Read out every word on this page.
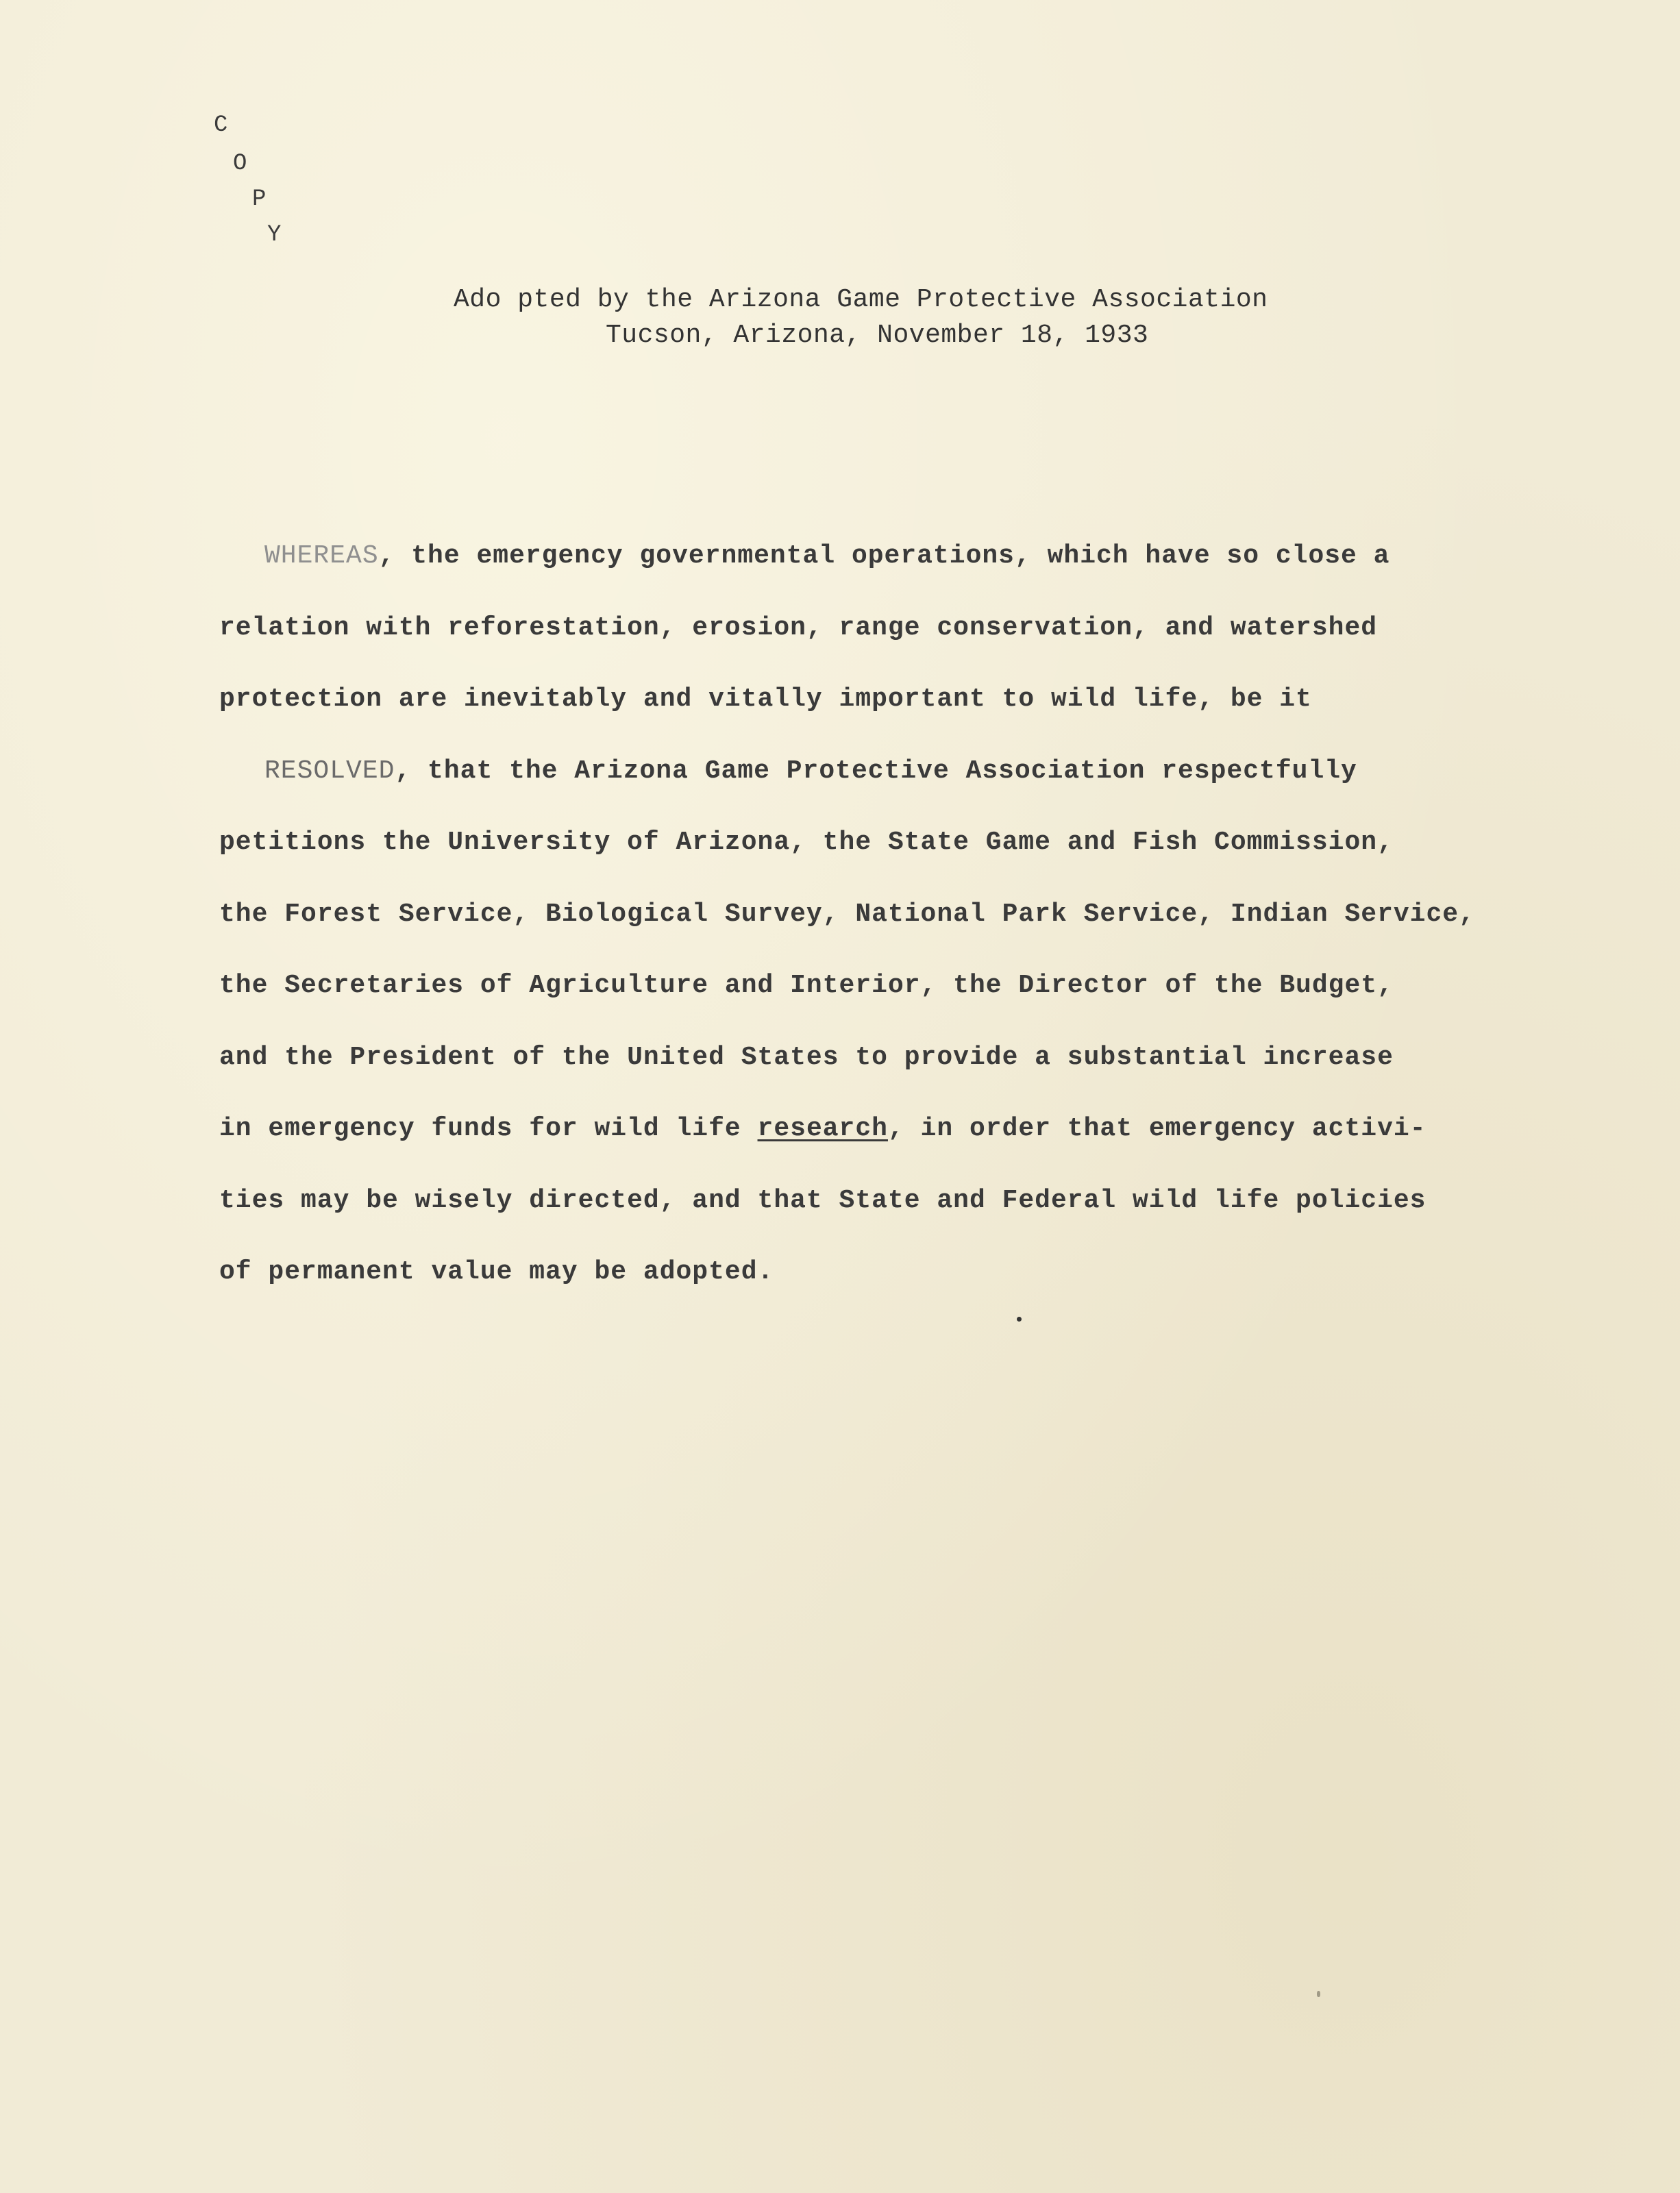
C
O
P
Y
Ado pted by the Arizona Game Protective Association
Tucson, Arizona, November 18, 1933
WHEREAS, the emergency governmental operations, which have so close a
relation with reforestation, erosion, range conservation, and watershed
protection are inevitably and vitally important to wild life, be it
RESOLVED, that the Arizona Game Protective Association respectfully
petitions the University of Arizona, the State Game and Fish Commission,
the Forest Service, Biological Survey, National Park Service, Indian Service,
the Secretaries of Agriculture and Interior, the Director of the Budget,
and the President of the United States to provide a substantial increase
in emergency funds for wild life research, in order that emergency activi-
ties may be wisely directed, and that State and Federal wild life policies
of permanent value may be adopted.
